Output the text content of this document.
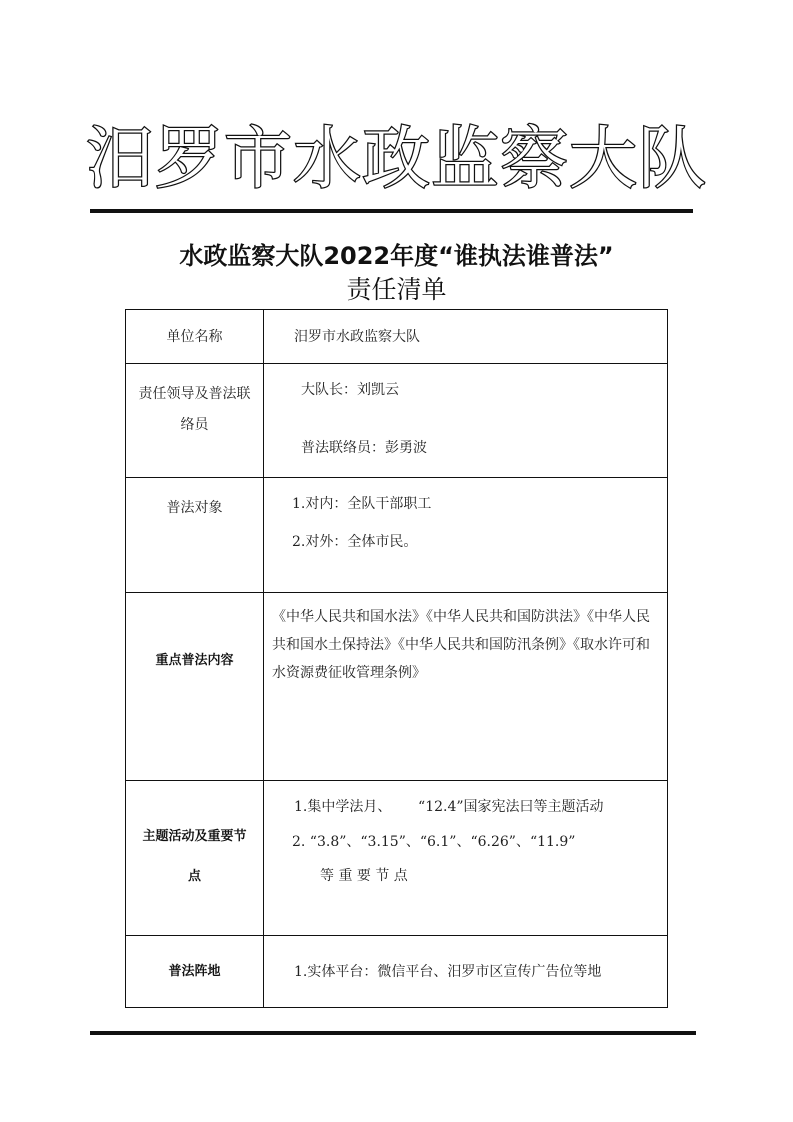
汨罗市水政监察大队
水政监察大队2022年度“谁执法谁普法”
责任清单
单位名称	汨罗市水政监察大队

责任领导及普法联
络员	大队长：刘凯云
普法联络员：彭勇波

普法对象	1.对内：全队干部职工
2.对外：全体市民。

重点普法内容	《中华人民共和国水法》《中华人民共和国防洪法》《中华人民共和国水土保持法》《中华人民共和国防汛条例》《取水许可和水资源费征收管理条例》

主题活动及重要节
点	1.集中学法月、      “12.4”国家宪法曰等主题活动
2. “3.8”、“3.15”、“6.1”、“6.26”、“11.9”
等 重 要 节 点

普法阵地	1.实体平台：微信平台、汨罗市区宣传广告位等地
